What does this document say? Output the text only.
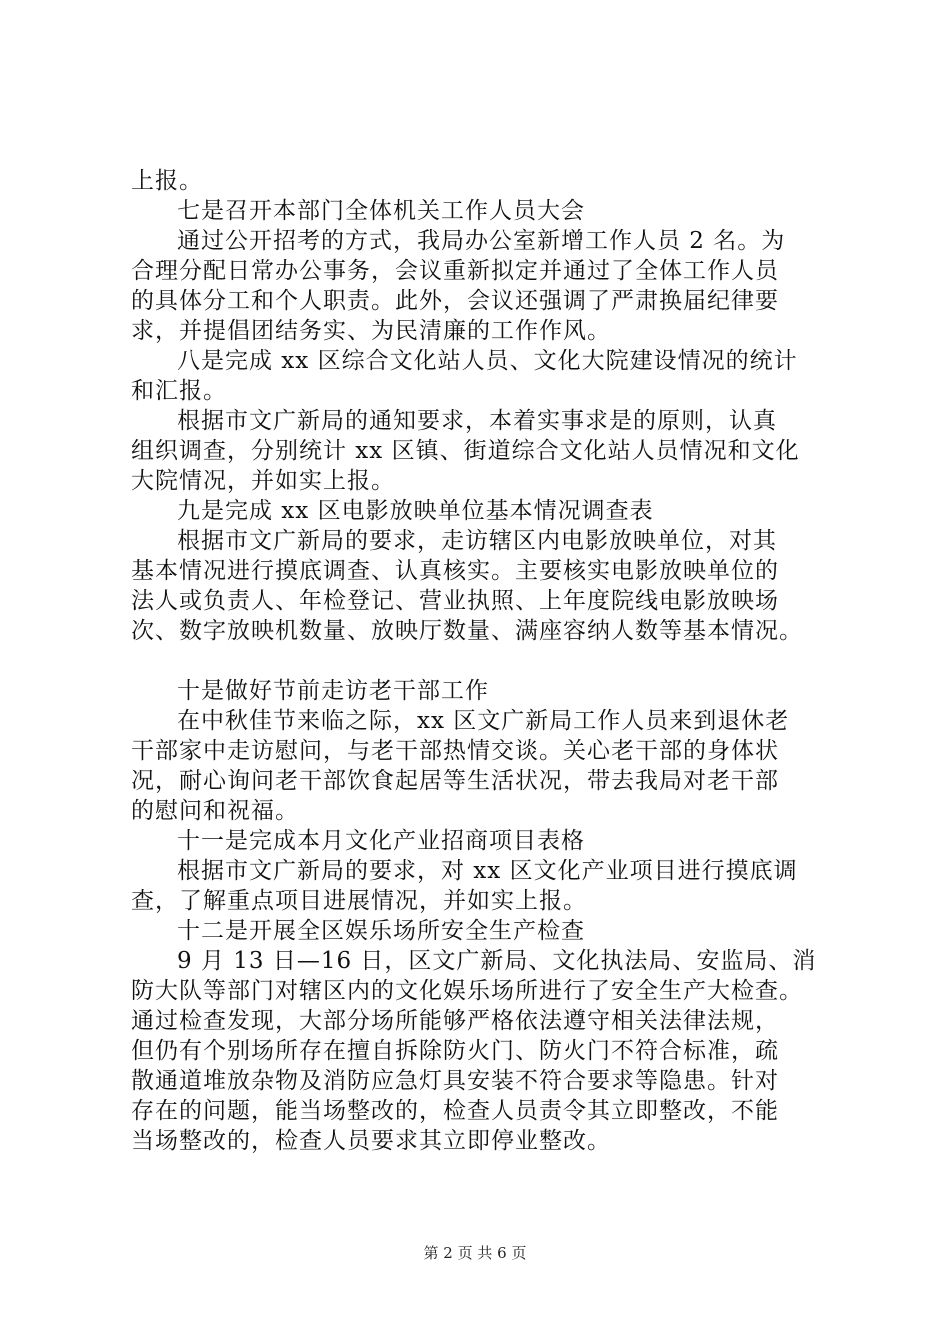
上报。
七是召开本部门全体机关工作人员大会
通过公开招考的方式，我局办公室新增工作人员 2 名。为
合理分配日常办公事务，会议重新拟定并通过了全体工作人员
的具体分工和个人职责。此外，会议还强调了严肃换届纪律要
求，并提倡团结务实、为民清廉的工作作风。
八是完成 xx 区综合文化站人员、文化大院建设情况的统计
和汇报。
根据市文广新局的通知要求，本着实事求是的原则，认真
组织调查，分别统计 xx 区镇、街道综合文化站人员情况和文化
大院情况，并如实上报。
九是完成 xx 区电影放映单位基本情况调查表
根据市文广新局的要求，走访辖区内电影放映单位，对其
基本情况进行摸底调查、认真核实。主要核实电影放映单位的
法人或负责人、年检登记、营业执照、上年度院线电影放映场
次、数字放映机数量、放映厅数量、满座容纳人数等基本情况。
十是做好节前走访老干部工作
在中秋佳节来临之际，xx 区文广新局工作人员来到退休老
干部家中走访慰问，与老干部热情交谈。关心老干部的身体状
况，耐心询问老干部饮食起居等生活状况，带去我局对老干部
的慰问和祝福。
十一是完成本月文化产业招商项目表格
根据市文广新局的要求，对 xx 区文化产业项目进行摸底调
查，了解重点项目进展情况，并如实上报。
十二是开展全区娱乐场所安全生产检查
9 月 13 日—16 日，区文广新局、文化执法局、安监局、消
防大队等部门对辖区内的文化娱乐场所进行了安全生产大检查。
通过检查发现，大部分场所能够严格依法遵守相关法律法规，
但仍有个别场所存在擅自拆除防火门、防火门不符合标准，疏
散通道堆放杂物及消防应急灯具安装不符合要求等隐患。针对
存在的问题，能当场整改的，检查人员责令其立即整改，不能
当场整改的，检查人员要求其立即停业整改。
第 2 页 共 6 页
